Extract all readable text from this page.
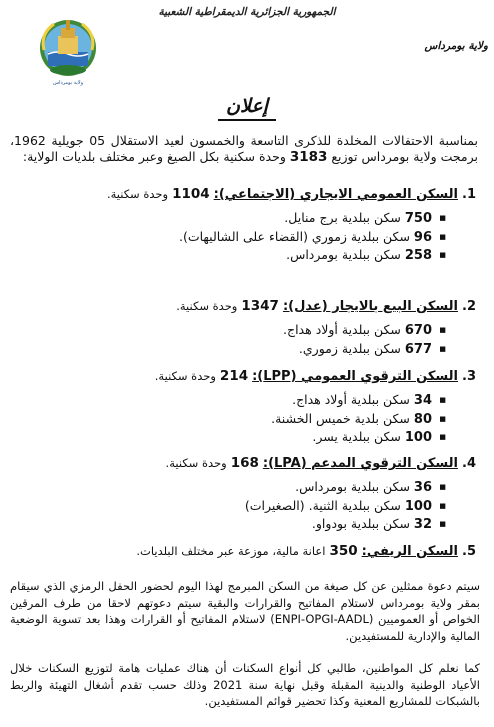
الجمهورية الجزائرية الديمقراطية الشعبية
ولاية بومرداس
ولاية بومرداس
إعلان
بمناسبة الاحتفالات المخلدة للذكرى التاسعة والخمسون لعيد الاستقلال 05 جويلية 1962، برمجت ولاية بومرداس توزيع 3183 وحدة سكنية بكل الصيغ وعبر مختلف بلديات الولاية:
1.
السكن العمومي الايجاري (الاجتماعي):
1104
وحدة سكنية.
■ 750 سكن ببلدية برج منايل.
■ 96 سكن ببلدية زموري (القضاء على الشاليهات).
■ 258 سكن ببلدية بومرداس.
2.
السكن البيع بالايجار (عدل):
1347
وحدة سكنية.
■ 670 سكن ببلدية أولاد هداج.
■ 677 سكن ببلدية زموري.
3.
السكن الترقوي العمومي (LPP):
214
وحدة سكنية.
■ 34 سكن ببلدية أولاد هداج.
■ 80 سكن بلدية خميس الخشنة.
■ 100 سكن ببلدية يسر.
4.
السكن الترقوي المدعم (LPA):
168
وحدة سكنية.
■ 36 سكن ببلدية بومرداس.
■ 100 سكن ببلدية الثنية. (الصغيرات)
■ 32 سكن ببلدية بودواو.
5.
السكن الريفي:
350
اعانة مالية، موزعة عبر مختلف البلديات.
سيتم دعوة ممثلين عن كل صيغة من السكن المبرمج لهذا اليوم لحضور الحفل الرمزي الذي سيقام بمقر ولاية بومرداس لاستلام المفاتيح والقرارات والبقية سيتم دعوتهم لاحقا من طرف المرقين الخواص أو العموميين (ENPI-OPGI-AADL) لاستلام المفاتيح أو القرارات وهذا بعد تسوية الوضعية المالية والإدارية للمستفيدين.
كما نعلم كل المواطنين، طالبي كل أنواع السكنات أن هناك عمليات هامة لتوزيع السكنات خلال الأعياد الوطنية والدينية المقبلة وقبل نهاية سنة 2021 وذلك حسب تقدم أشغال التهيئة والربط بالشبكات للمشاريع المعنية وكذا تحضير قوائم المستفيدين.
